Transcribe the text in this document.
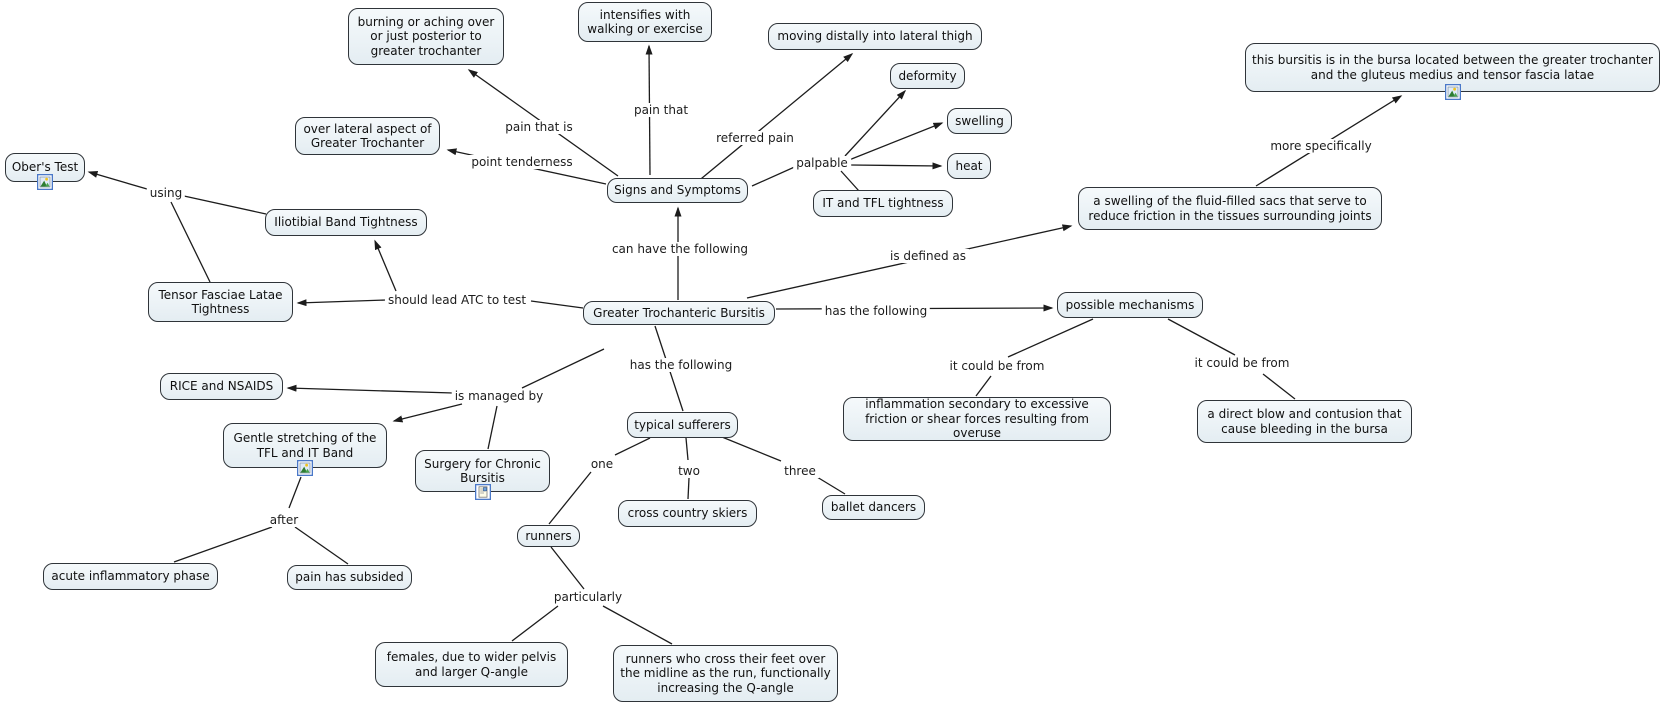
pain that is
pain that
referred pain
palpable
point tenderness
can have the following	is defined as
more specifically
has the following
it could be from	it could be from
has the following
is managed by
using
should lead ATC to test
one	two	three
after
particularly
burning or aching over or just posterior to greater trochanter
intensifies with walking or exercise
moving distally into lateral thigh
deformity
swelling
heat
over lateral aspect of Greater Trochanter
Signs and Symptoms
IT and TFL tightness
Ober's Test
Iliotibial Band Tightness
Tensor Fasciae Latae Tightness
this bursitis is in the bursa located between the greater trochanter and the gluteus medius and tensor fascia latae
a swelling of the fluid-filled sacs that serve to reduce friction in the tissues surrounding joints
Greater Trochanteric Bursitis
possible mechanisms
RICE and NSAIDS
Gentle stretching of the TFL and IT Band
Surgery for Chronic Bursitis
typical sufferers
inflammation secondary to excessive friction or shear forces resulting from overuse
a direct blow and contusion that cause bleeding in the bursa
cross country skiers	ballet dancers
runners
acute inflammatory phase	pain has subsided
females, due to wider pelvis and larger Q-angle
runners who cross their feet over the midline as the run, functionally increasing the Q-angle
